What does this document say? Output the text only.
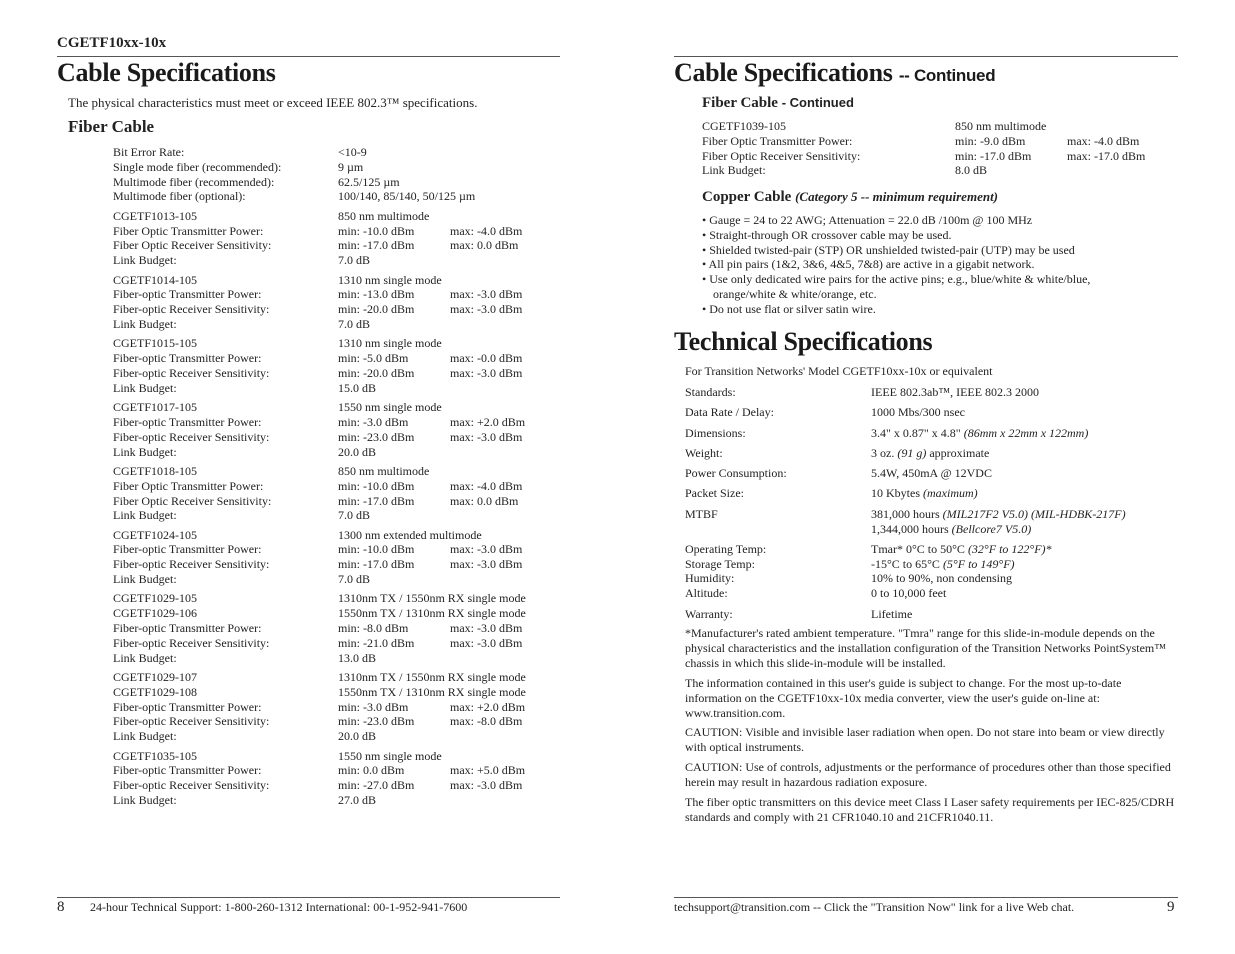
CGETF10xx-10x
Cable Specifications
The physical characteristics must meet or exceed IEEE 802.3™ specifications.
Fiber Cable
Bit Error Rate:	<10-9
Single mode fiber (recommended):	9 µm
Multimode fiber (recommended):	62.5/125 µm
Multimode fiber (optional):	100/140, 85/140, 50/125 µm
CGETF1013-105	850 nm multimode
Fiber Optic Transmitter Power:	min: -10.0 dBm	max: -4.0 dBm
Fiber Optic Receiver Sensitivity:	min: -17.0 dBm	max: 0.0 dBm
Link Budget:	7.0 dB
CGETF1014-105	1310 nm single mode
Fiber-optic Transmitter Power:	min: -13.0 dBm	max: -3.0 dBm
Fiber-optic Receiver Sensitivity:	min: -20.0 dBm	max: -3.0 dBm
Link Budget:	7.0 dB
CGETF1015-105	1310 nm single mode
Fiber-optic Transmitter Power:	min: -5.0 dBm	max: -0.0 dBm
Fiber-optic Receiver Sensitivity:	min: -20.0 dBm	max: -3.0 dBm
Link Budget:	15.0 dB
CGETF1017-105	1550 nm single mode
Fiber-optic Transmitter Power:	min: -3.0 dBm	max: +2.0 dBm
Fiber-optic Receiver Sensitivity:	min: -23.0 dBm	max: -3.0 dBm
Link Budget:	20.0 dB
CGETF1018-105	850 nm multimode
Fiber Optic Transmitter Power:	min: -10.0 dBm	max: -4.0 dBm
Fiber Optic Receiver Sensitivity:	min: -17.0 dBm	max: 0.0 dBm
Link Budget:	7.0 dB
CGETF1024-105	1300 nm extended multimode
Fiber-optic Transmitter Power:	min: -10.0 dBm	max: -3.0 dBm
Fiber-optic Receiver Sensitivity:	min: -17.0 dBm	max: -3.0 dBm
Link Budget:	7.0 dB
CGETF1029-105	1310nm TX / 1550nm RX single mode
CGETF1029-106	1550nm TX / 1310nm RX single mode
Fiber-optic Transmitter Power:	min: -8.0 dBm	max: -3.0 dBm
Fiber-optic Receiver Sensitivity:	min: -21.0 dBm	max: -3.0 dBm
Link Budget:	13.0 dB
CGETF1029-107	1310nm TX / 1550nm RX single mode
CGETF1029-108	1550nm TX / 1310nm RX single mode
Fiber-optic Transmitter Power:	min: -3.0 dBm	max: +2.0 dBm
Fiber-optic Receiver Sensitivity:	min: -23.0 dBm	max: -8.0 dBm
Link Budget:	20.0 dB
CGETF1035-105	1550 nm single mode
Fiber-optic Transmitter Power:	min: 0.0 dBm	max: +5.0 dBm
Fiber-optic Receiver Sensitivity:	min: -27.0 dBm	max: -3.0 dBm
Link Budget:	27.0 dB
8 24-hour Technical Support: 1-800-260-1312 International: 00-1-952-941-7600
Cable Specifications -- Continued
Fiber Cable - Continued
CGETF1039-105	850 nm multimode
Fiber Optic Transmitter Power:	min: -9.0 dBm	max: -4.0 dBm
Fiber Optic Receiver Sensitivity:	min: -17.0 dBm	max: -17.0 dBm
Link Budget:	8.0 dB
Copper Cable (Category 5 -- minimum requirement)
• Gauge = 24 to 22 AWG; Attenuation = 22.0 dB /100m @ 100 MHz
• Straight-through OR crossover cable may be used.
• Shielded twisted-pair (STP) OR unshielded twisted-pair (UTP) may be used
• All pin pairs (1&2, 3&6, 4&5, 7&8) are active in a gigabit network.
• Use only dedicated wire pairs for the active pins; e.g., blue/white & white/blue, orange/white & white/orange, etc.
• Do not use flat or silver satin wire.
Technical Specifications
For Transition Networks' Model CGETF10xx-10x or equivalent
Standards:	IEEE 802.3ab™, IEEE 802.3 2000
Data Rate / Delay:	1000 Mbs/300 nsec
Dimensions:	3.4" x 0.87" x 4.8"
(86mm x 22mm x 122mm)
Weight:	3 oz.
(91 g)
approximate
Power Consumption:	5.4W, 450mA @ 12VDC
Packet Size:	10 Kbytes
(maximum)
MTBF	381,000 hours
(MIL217F2 V5.0) (MIL-HDBK-217F)
1,344,000 hours
(Bellcore7 V5.0)
Operating Temp:	Tmar* 0°C to 50°C
(32°F to 122°F)*
Storage Temp:	-15°C to 65°C
(5°F to 149°F)
Humidity:	10% to 90%, non condensing
Altitude:	0 to 10,000 feet
Warranty:	Lifetime
*Manufacturer's rated ambient temperature. "Tmra" range for this slide-in-module depends on the physical characteristics and the installation configuration of the Transition Networks PointSystem™ chassis in which this slide-in-module will be installed.
The information contained in this user's guide is subject to change. For the most up-to-date information on the CGETF10xx-10x media converter, view the user's guide on-line at: www.transition.com.
CAUTION: Visible and invisible laser radiation when open. Do not stare into beam or view directly with optical instruments.
CAUTION: Use of controls, adjustments or the performance of procedures other than those specified herein may result in hazardous radiation exposure.
The fiber optic transmitters on this device meet Class I Laser safety requirements per IEC-825/CDRH standards and comply with 21 CFR1040.10 and 21CFR1040.11.
techsupport@transition.com -- Click the "Transition Now" link for a live Web chat.	9
